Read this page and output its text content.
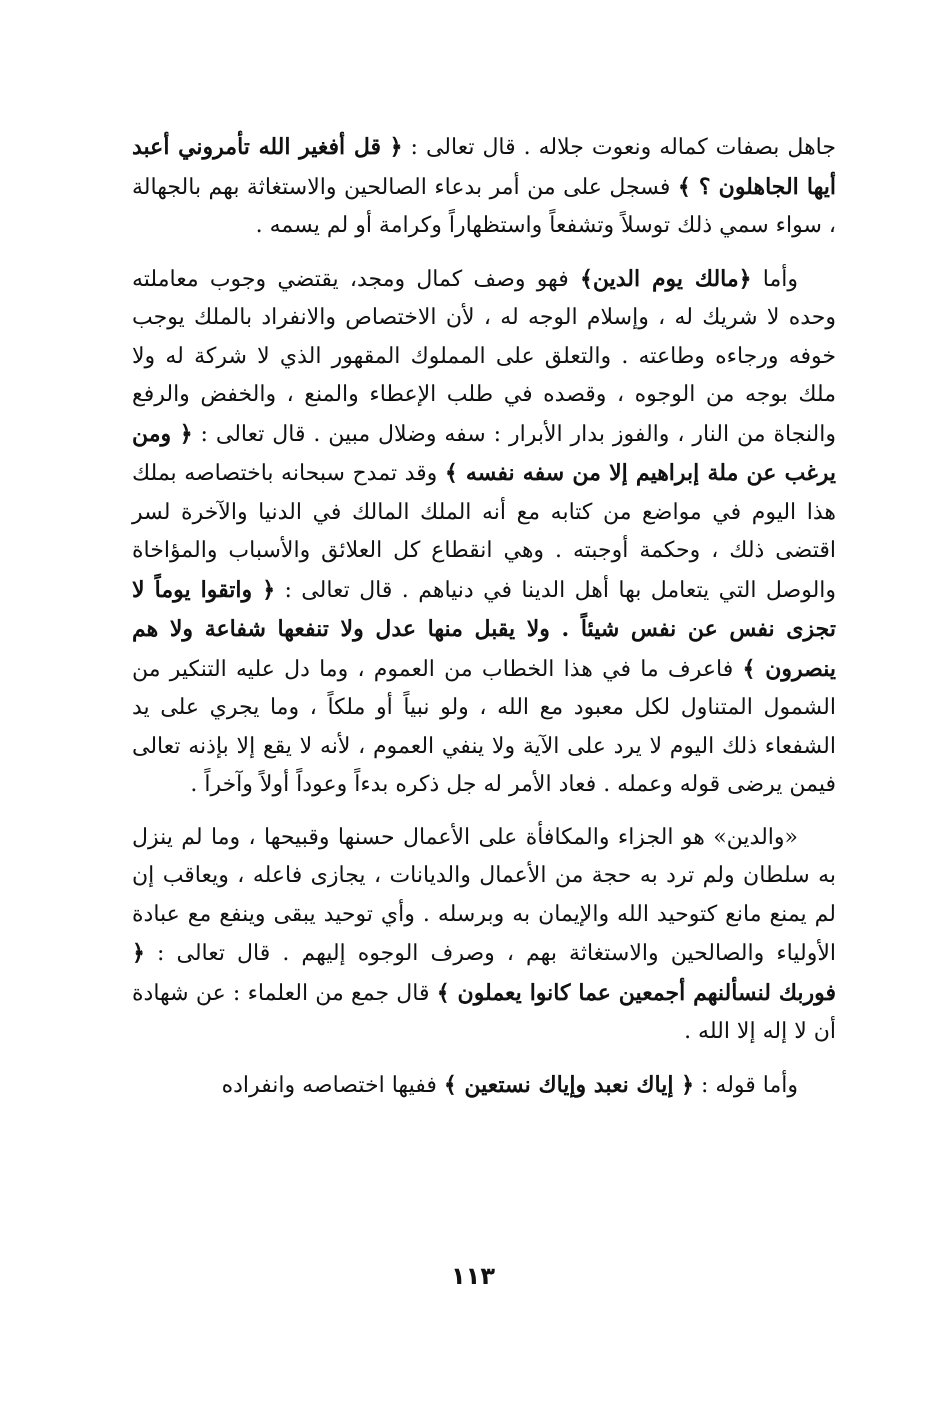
جاهل بصفات كماله ونعوت جلاله . قال تعالى : ﴿ قل أفغير الله تأمروني أعبد أيها الجاهلون ؟ ﴾ فسجل على من أمر بدعاء الصالحين والاستغاثة بهم بالجهالة ، سواء سمي ذلك توسلاً وتشفعاً واستظهاراً وكرامة أو لم يسمه .

وأما ﴿مالك يوم الدين﴾ فهو وصف كمال ومجد، يقتضي وجوب معاملته وحده لا شريك له ، وإسلام الوجه له ، لأن الاختصاص والانفراد بالملك يوجب خوفه ورجاءه وطاعته . والتعلق على المملوك المقهور الذي لا شركة له ولا ملك بوجه من الوجوه ، وقصده في طلب الإعطاء والمنع ، والخفض والرفع والنجاة من النار ، والفوز بدار الأبرار : سفه وضلال مبين . قال تعالى : ﴿ ومن يرغب عن ملة إبراهيم إلا من سفه نفسه ﴾ وقد تمدح سبحانه باختصاصه بملك هذا اليوم في مواضع من كتابه مع أنه الملك المالك في الدنيا والآخرة لسر اقتضى ذلك ، وحكمة أوجبته . وهي انقطاع كل العلائق والأسباب والمؤاخاة والوصل التي يتعامل بها أهل الدينا في دنياهم . قال تعالى : ﴿ واتقوا يوماً لا تجزى نفس عن نفس شيئاً . ولا يقبل منها عدل ولا تنفعها شفاعة ولا هم ينصرون ﴾ فاعرف ما في هذا الخطاب من العموم ، وما دل عليه التنكير من الشمول المتناول لكل معبود مع الله ، ولو نبياً أو ملكاً ، وما يجري على يد الشفعاء ذلك اليوم لا يرد على الآية ولا ينفي العموم ، لأنه لا يقع إلا بإذنه تعالى فيمن يرضى قوله وعمله . فعاد الأمر له جل ذكره بدءاً وعوداً أولاً وآخراً .

«والدين» هو الجزاء والمكافأة على الأعمال حسنها وقبيحها ، وما لم ينزل به سلطان ولم ترد به حجة من الأعمال والديانات ، يجازى فاعله ، ويعاقب إن لم يمنع مانع كتوحيد الله والإيمان به وبرسله . وأي توحيد يبقى وينفع مع عبادة الأولياء والصالحين والاستغاثة بهم ، وصرف الوجوه إليهم . قال تعالى : ﴿ فوربك لنسألنهم أجمعين عما كانوا يعملون ﴾ قال جمع من العلماء : عن شهادة أن لا إله إلا الله .

وأما قوله : ﴿ إياك نعبد وإياك نستعين ﴾ ففيها اختصاصه وانفراده

١١٣
